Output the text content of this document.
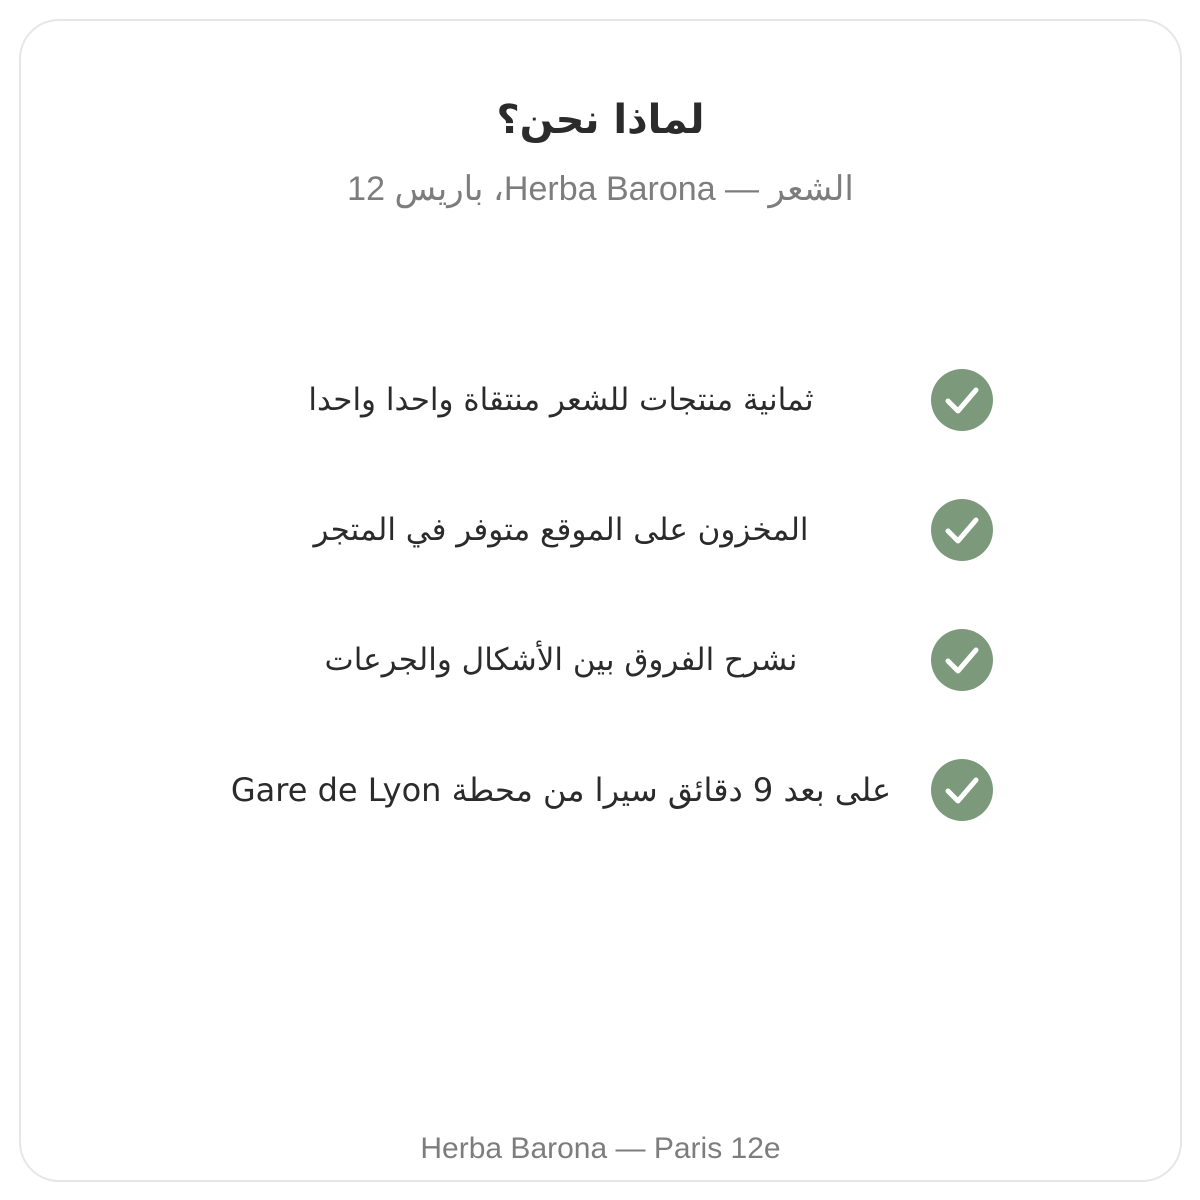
لماذا نحن؟

الشعر — Herba Barona، باريس 12

ثمانية منتجات للشعر منتقاة واحدا واحدا
المخزون على الموقع متوفر في المتجر
نشرح الفروق بين الأشكال والجرعات
على بعد 9 دقائق سيرا من محطة Gare de Lyon

Herba Barona — Paris 12e
